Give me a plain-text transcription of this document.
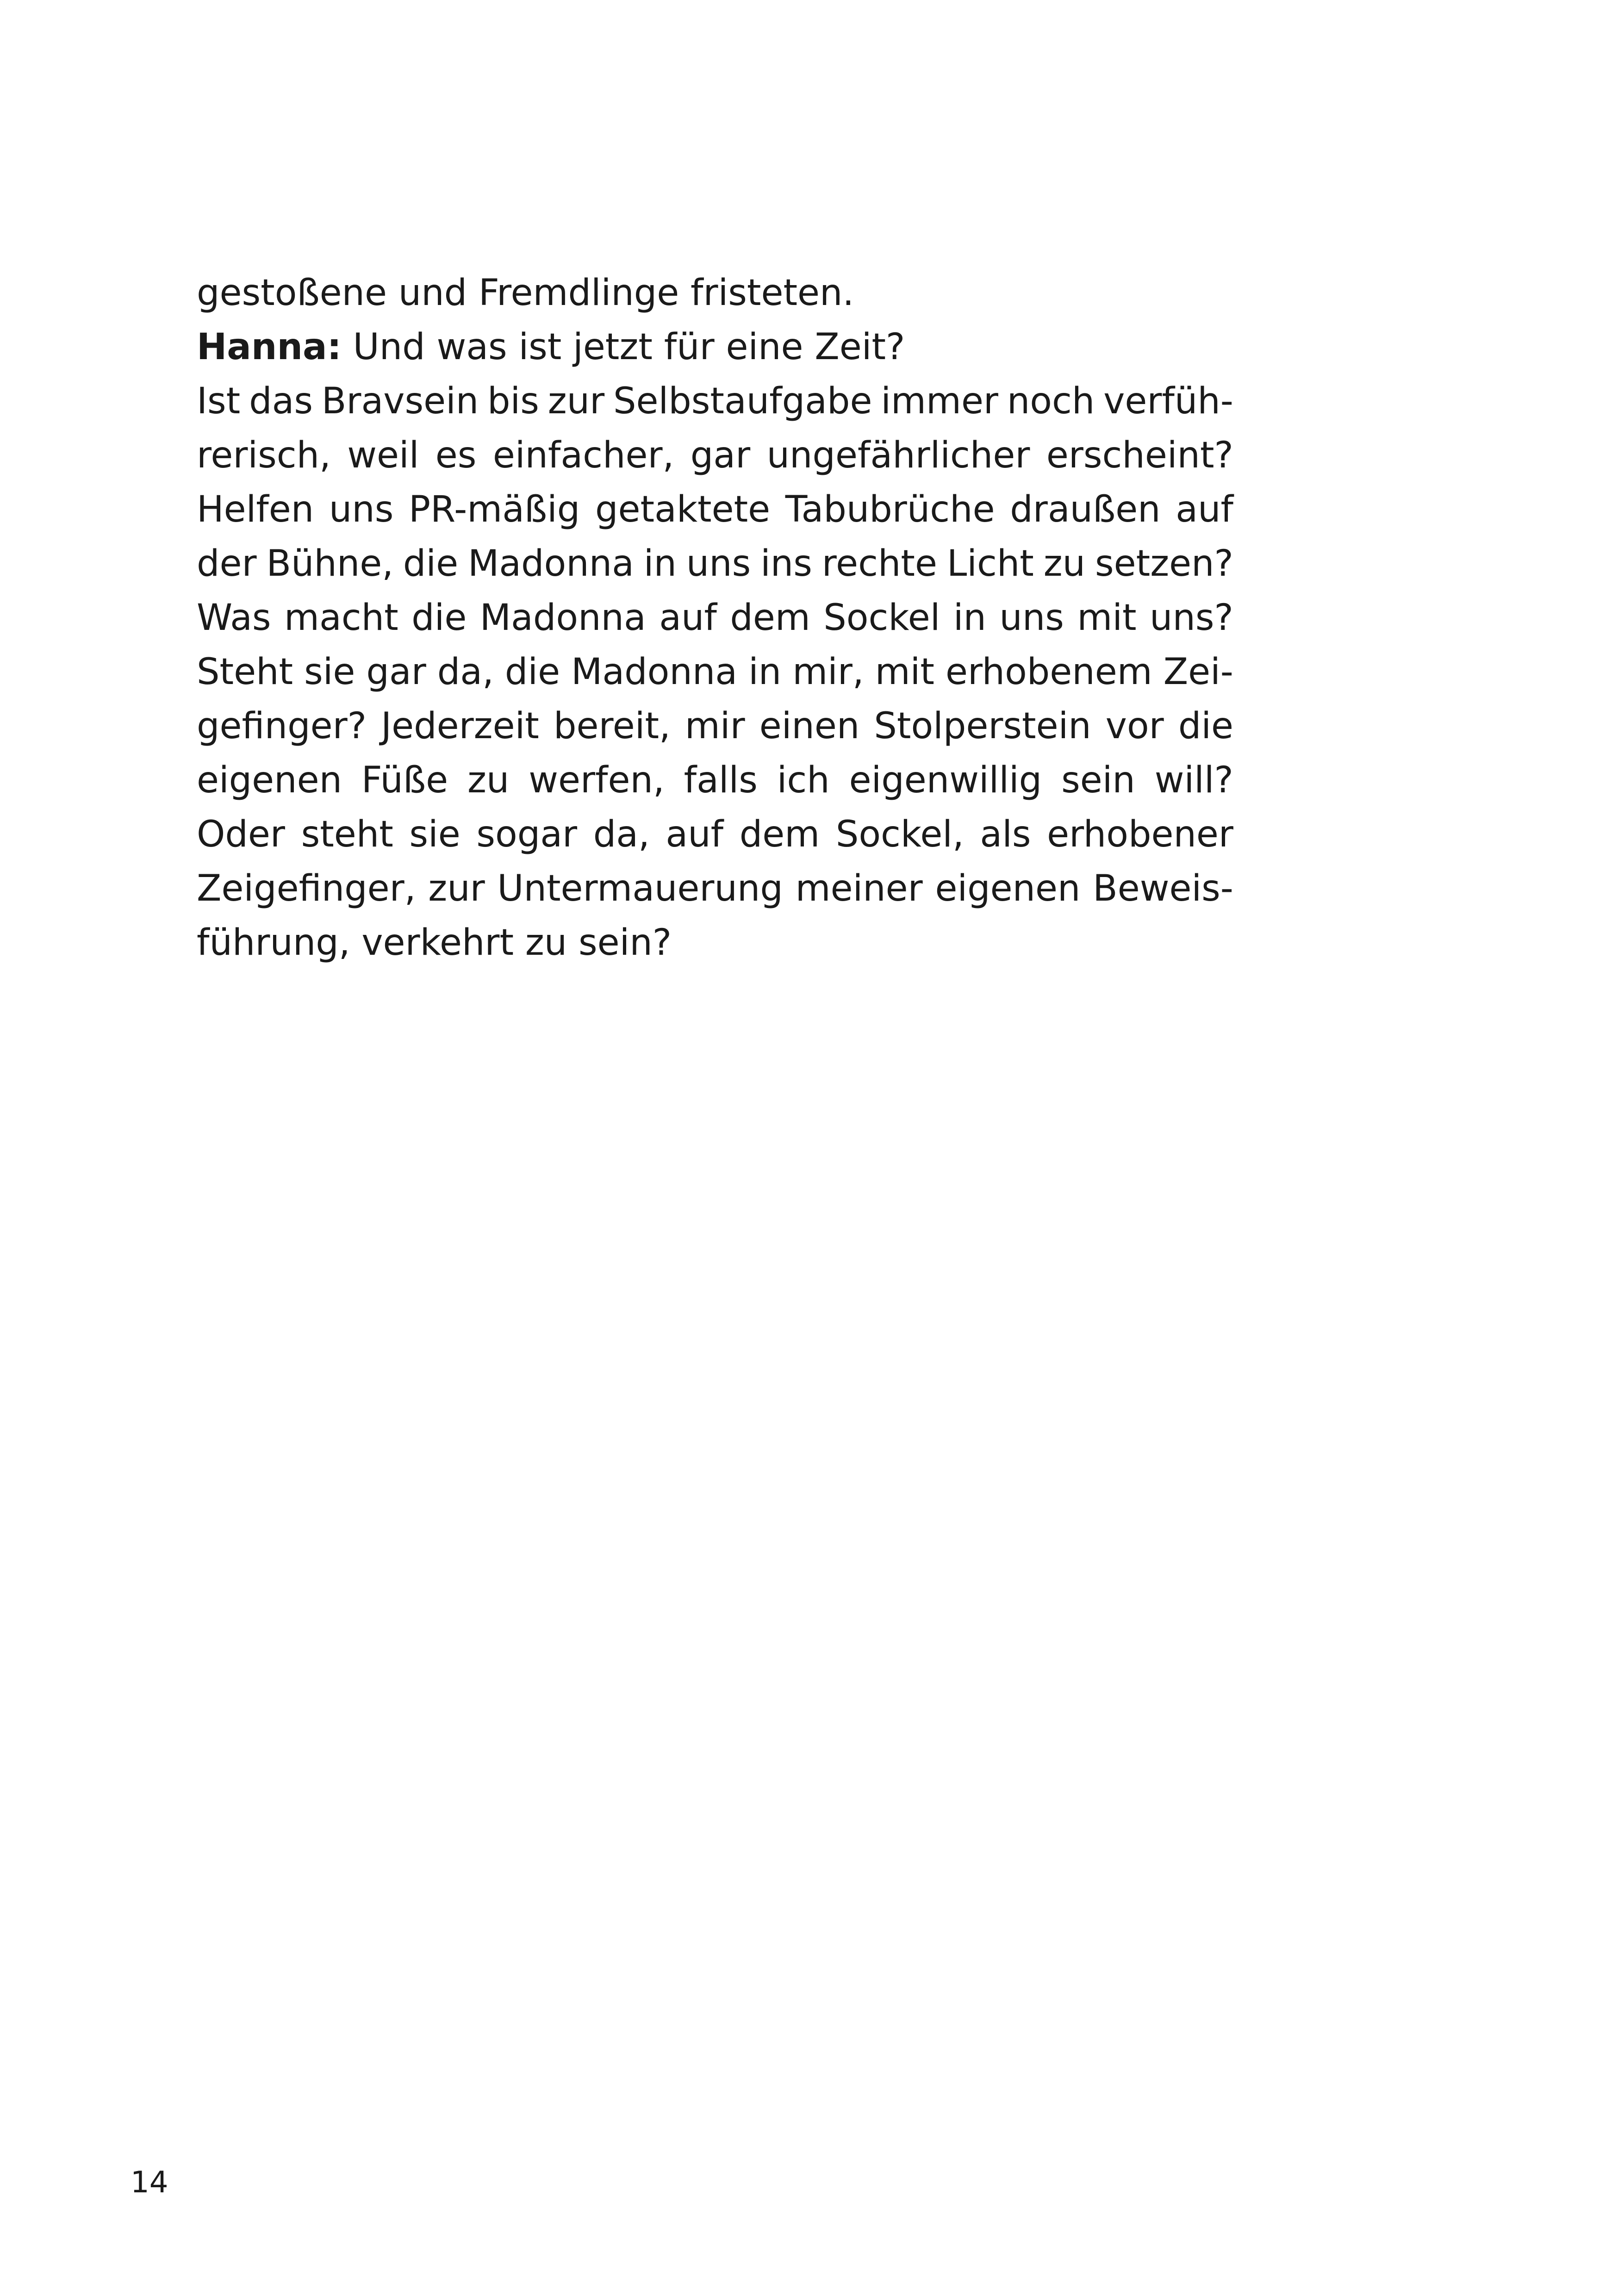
gestoßene und Fremdlinge fristeten.
Hanna: Und was ist jetzt für eine Zeit?
Ist das Bravsein bis zur Selbstaufgabe immer noch verfüh-
rerisch, weil es einfacher, gar ungefährlicher erscheint?
Helfen uns PR-mäßig getaktete Tabubrüche draußen auf
der Bühne, die Madonna in uns ins rechte Licht zu setzen?
Was macht die Madonna auf dem Sockel in uns mit uns?
Steht sie gar da, die Madonna in mir, mit erhobenem Zei-
gefinger? Jederzeit bereit, mir einen Stolperstein vor die
eigenen Füße zu werfen, falls ich eigenwillig sein will?
Oder steht sie sogar da, auf dem Sockel, als erhobener
Zeigefinger, zur Untermauerung meiner eigenen Beweis-
führung, verkehrt zu sein?
14
